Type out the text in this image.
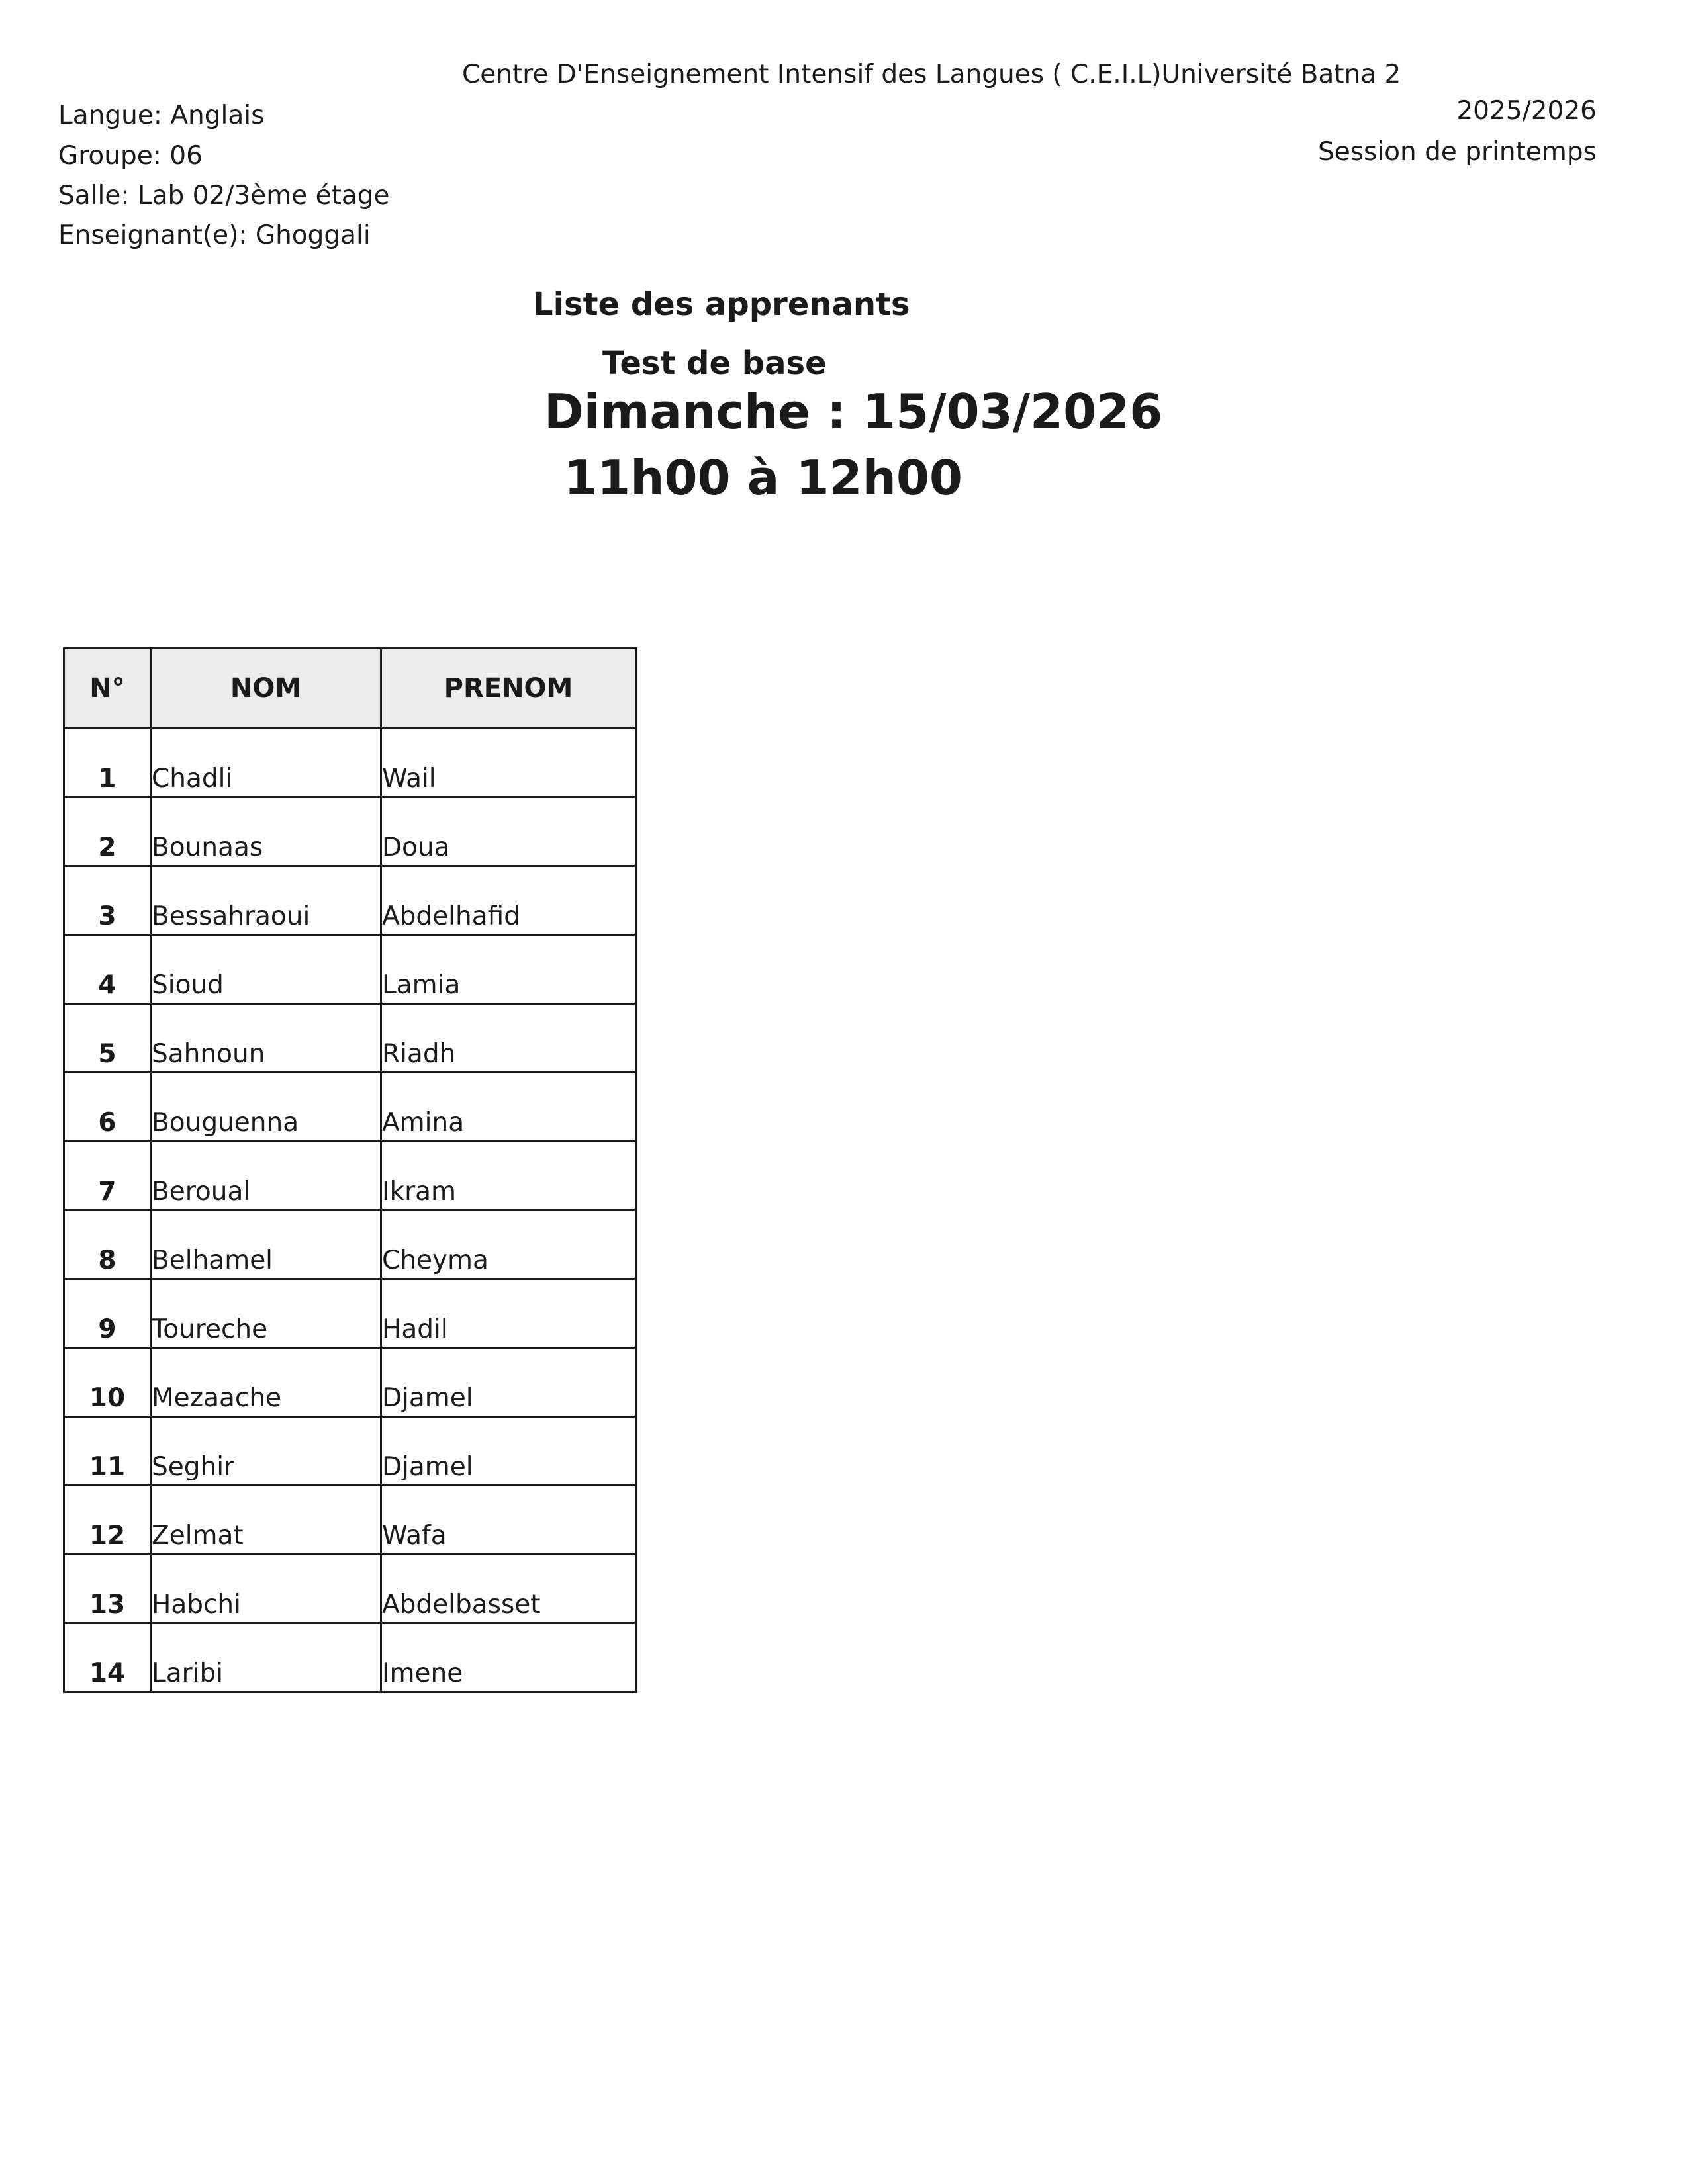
Centre D'Enseignement Intensif des Langues ( C.E.I.L)Université Batna 2
Langue: Anglais
Groupe: 06
Salle: Lab 02/3ème étage
Enseignant(e): Ghoggali
2025/2026
Session de printemps
Liste des apprenants
Test de base
Dimanche : 15/03/2026
11h00 à 12h00
N°	NOM	PRENOM
1	Chadli	Wail
2	Bounaas	Doua
3	Bessahraoui	Abdelhafid
4	Sioud	Lamia
5	Sahnoun	Riadh
6	Bouguenna	Amina
7	Beroual	Ikram
8	Belhamel	Cheyma
9	Toureche	Hadil
10	Mezaache	Djamel
11	Seghir	Djamel
12	Zelmat	Wafa
13	Habchi	Abdelbasset
14	Laribi	Imene
